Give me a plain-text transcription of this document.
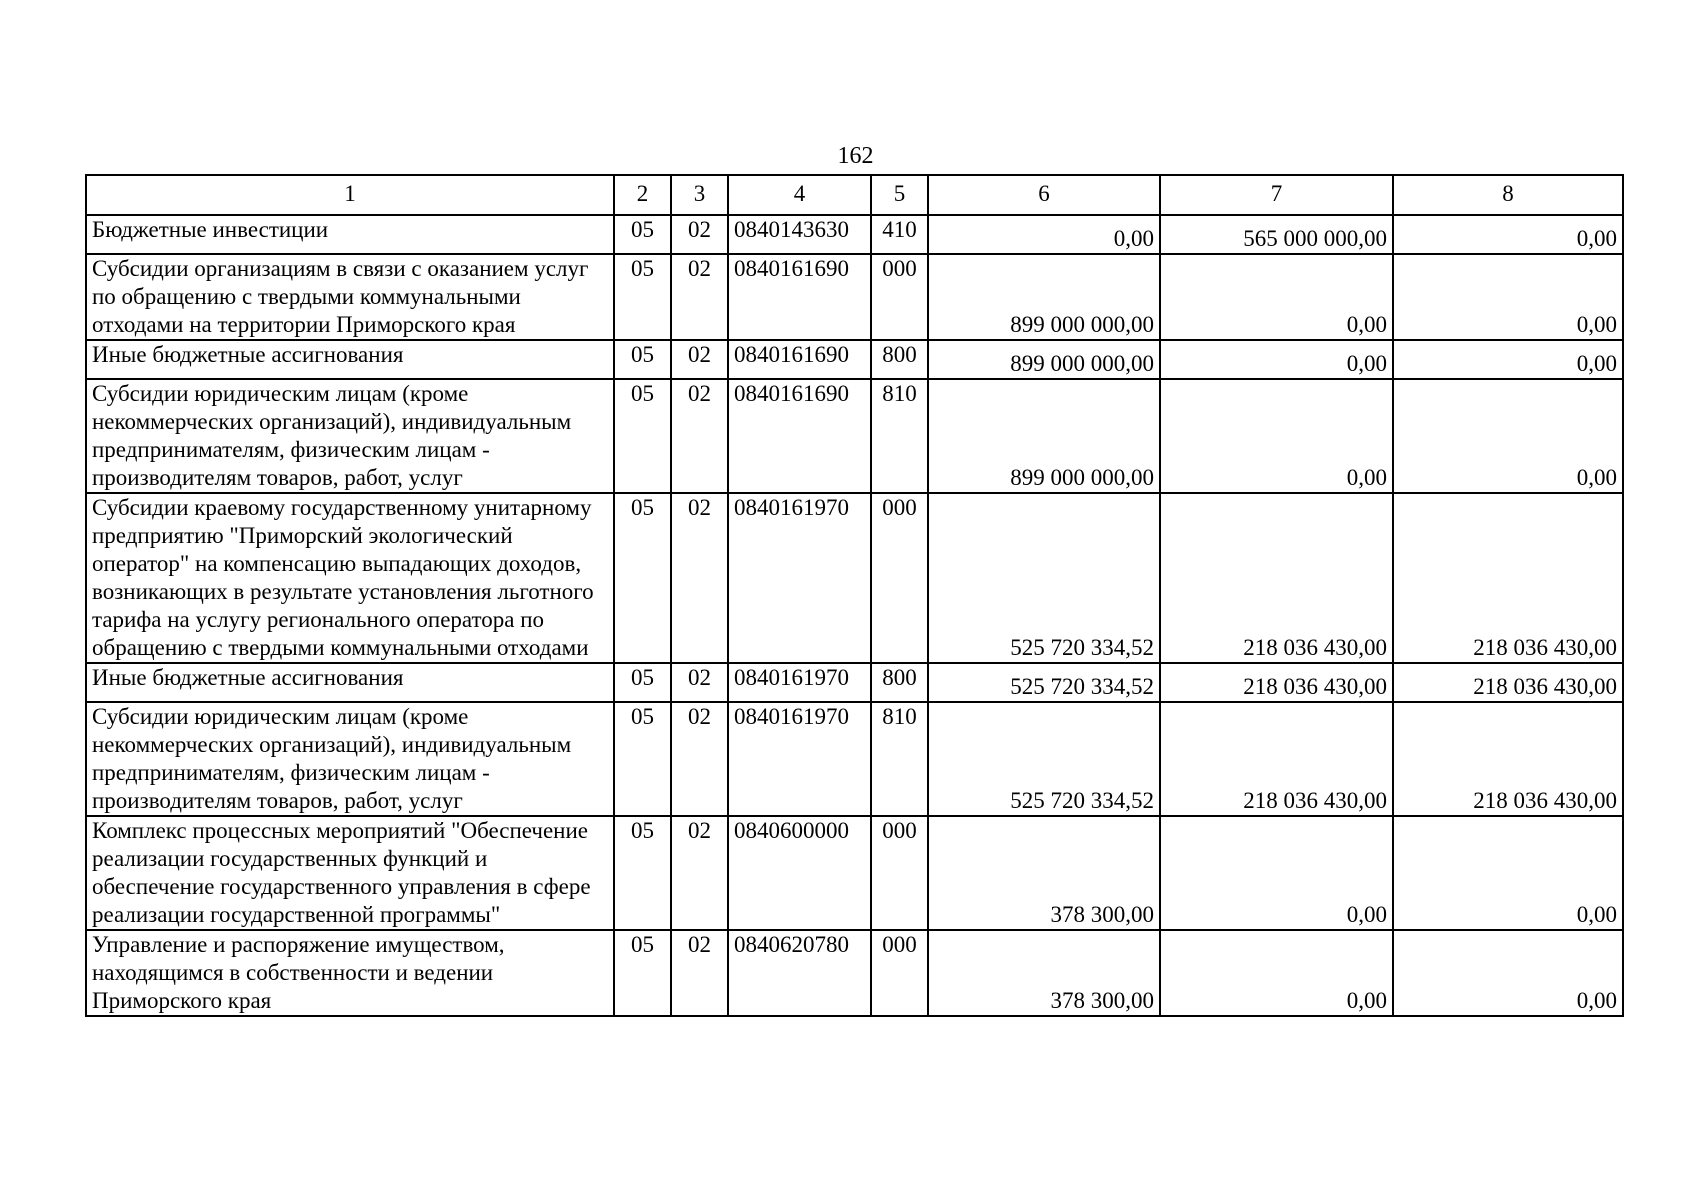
162
1	2	3	4	5	6	7	8
Бюджетные инвестиции	05	02	0840143630	410	0,00	565 000 000,00	0,00
Субсидии организациям в связи с оказанием услуг по обращению с твердыми коммунальными отходами на территории Приморского края	05	02	0840161690	000	899 000 000,00	0,00	0,00
Иные бюджетные ассигнования	05	02	0840161690	800	899 000 000,00	0,00	0,00
Субсидии юридическим лицам (кроме некоммерческих организаций), индивидуальным предпринимателям, физическим лицам - производителям товаров, работ, услуг	05	02	0840161690	810	899 000 000,00	0,00	0,00
Субсидии краевому государственному унитарному предприятию "Приморский экологический оператор" на компенсацию выпадающих доходов, возникающих в результате установления льготного тарифа на услугу регионального оператора по обращению с твердыми коммунальными отходами	05	02	0840161970	000	525 720 334,52	218 036 430,00	218 036 430,00
Иные бюджетные ассигнования	05	02	0840161970	800	525 720 334,52	218 036 430,00	218 036 430,00
Субсидии юридическим лицам (кроме некоммерческих организаций), индивидуальным предпринимателям, физическим лицам - производителям товаров, работ, услуг	05	02	0840161970	810	525 720 334,52	218 036 430,00	218 036 430,00
Комплекс процессных мероприятий "Обеспечение реализации государственных функций и обеспечение государственного управления в сфере реализации государственной программы"	05	02	0840600000	000	378 300,00	0,00	0,00
Управление и распоряжение имуществом, находящимся в собственности и ведении Приморского края	05	02	0840620780	000	378 300,00	0,00	0,00
